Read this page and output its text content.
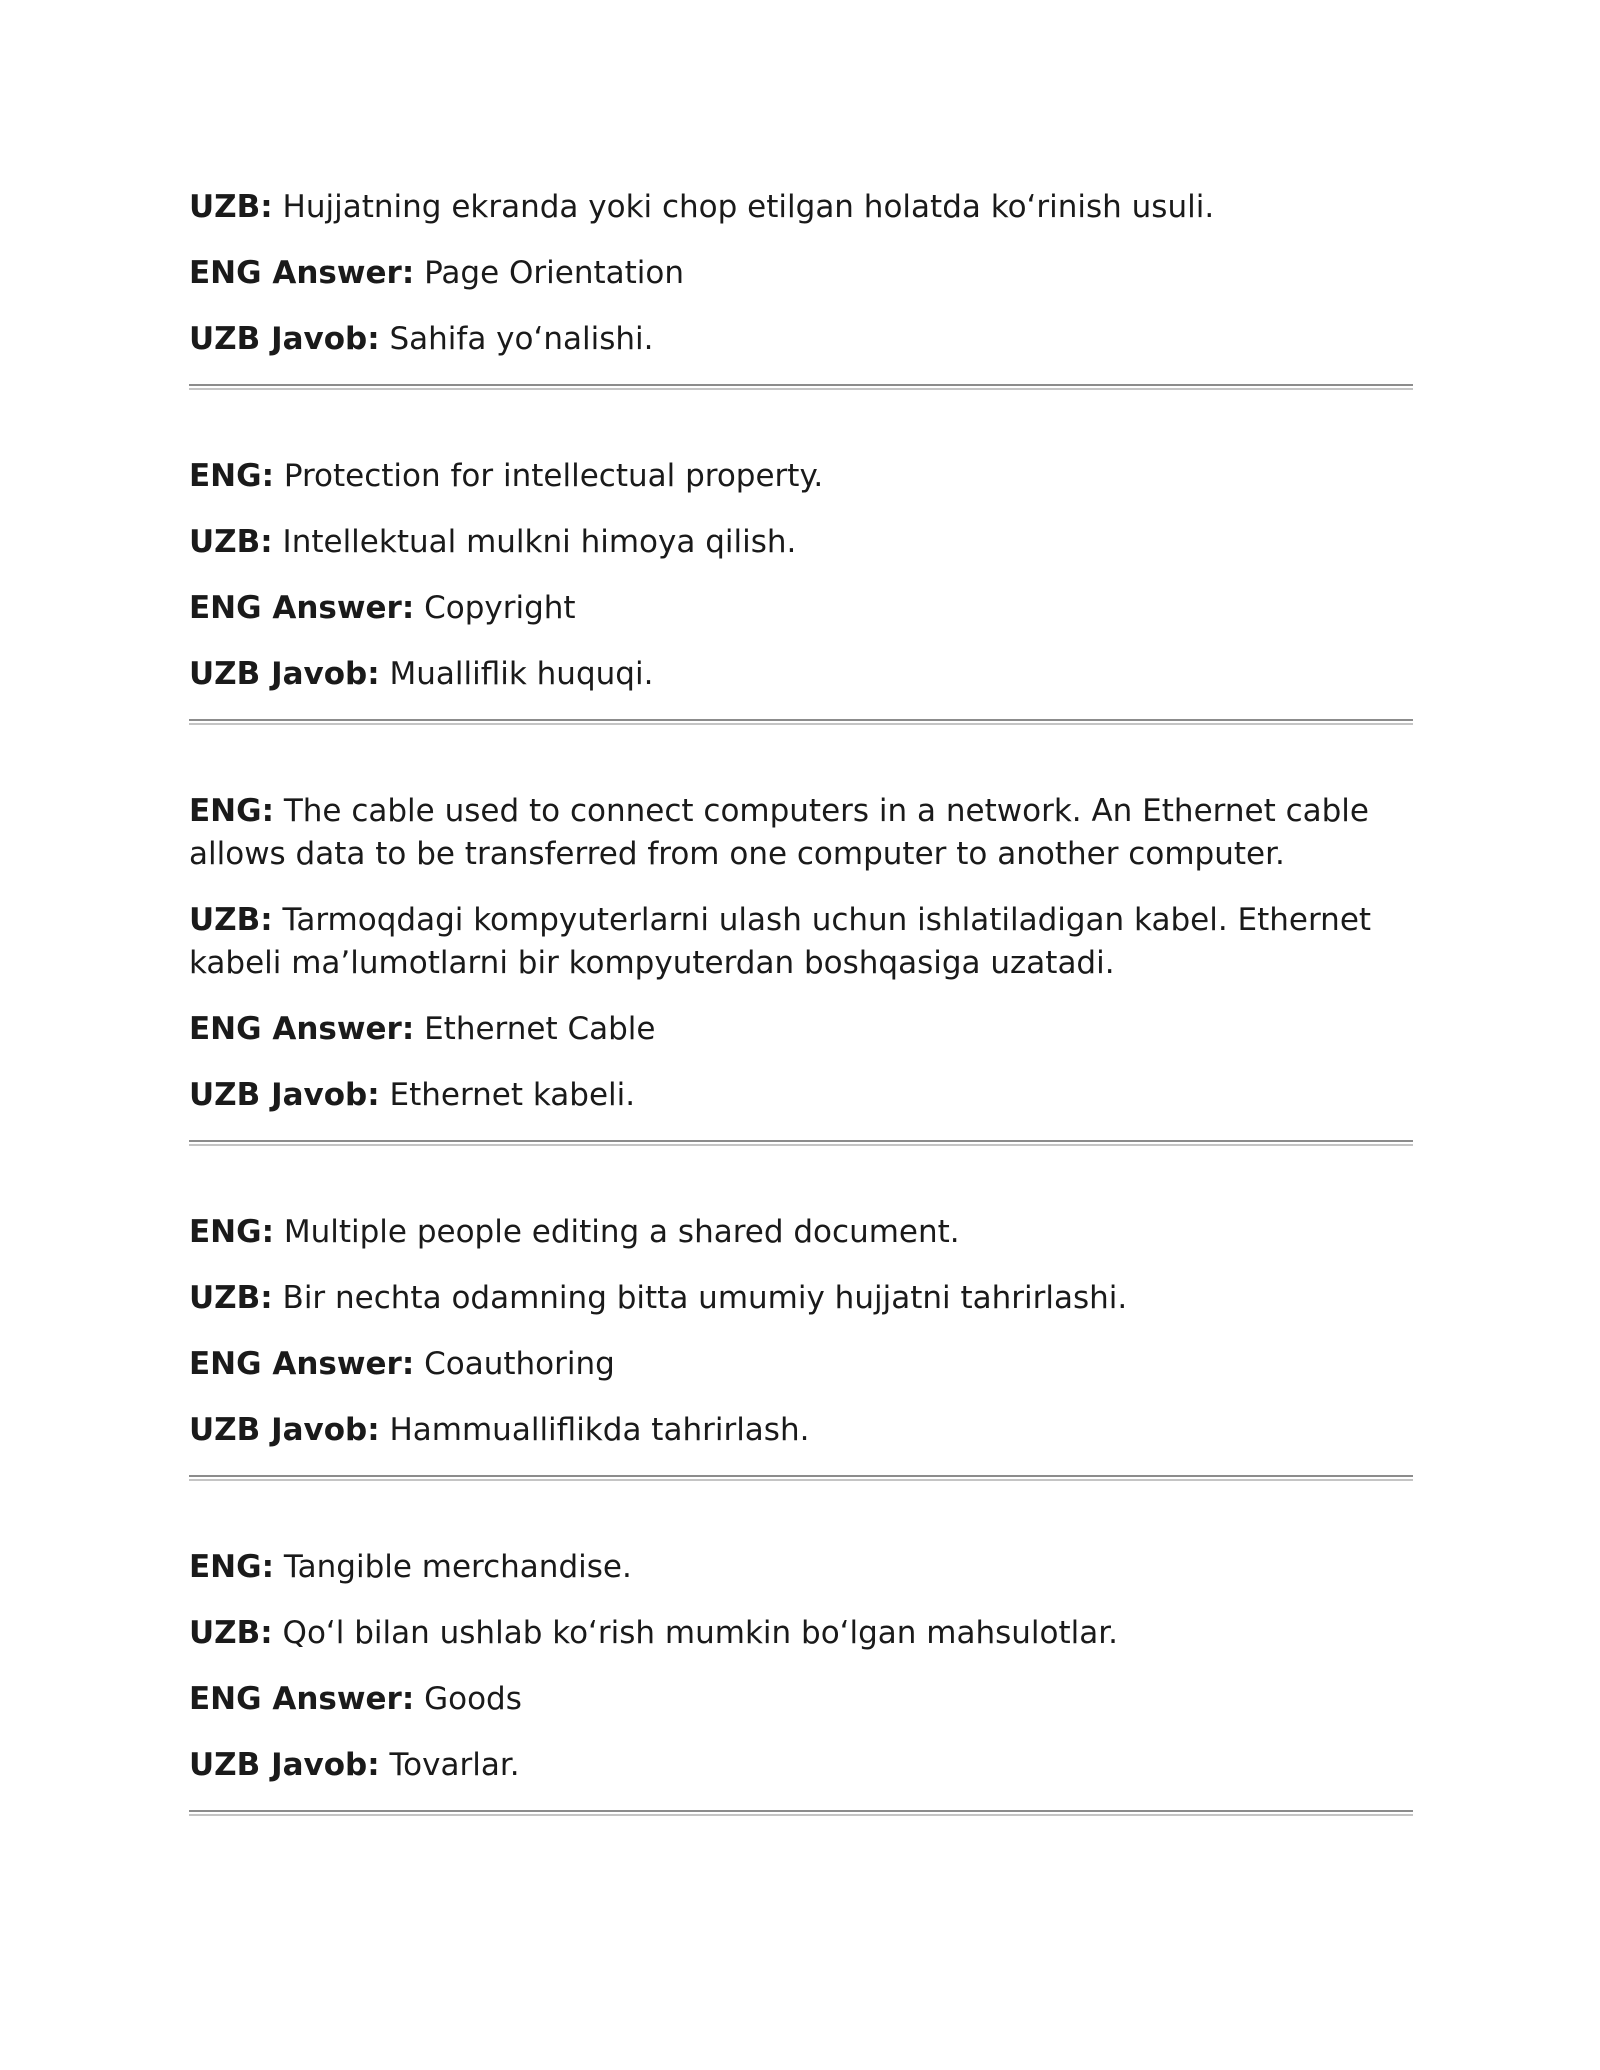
UZB: Hujjatning ekranda yoki chop etilgan holatda koʻrinish usuli.

ENG Answer: Page Orientation

UZB Javob: Sahifa yoʻnalishi.

ENG: Protection for intellectual property.

UZB: Intellektual mulkni himoya qilish.

ENG Answer: Copyright

UZB Javob: Mualliflik huquqi.

ENG: The cable used to connect computers in a network. An Ethernet cable allows data to be transferred from one computer to another computer.

UZB: Tarmoqdagi kompyuterlarni ulash uchun ishlatiladigan kabel. Ethernet kabeli maʼlumotlarni bir kompyuterdan boshqasiga uzatadi.

ENG Answer: Ethernet Cable

UZB Javob: Ethernet kabeli.

ENG: Multiple people editing a shared document.

UZB: Bir nechta odamning bitta umumiy hujjatni tahrirlashi.

ENG Answer: Coauthoring

UZB Javob: Hammualliflikda tahrirlash.

ENG: Tangible merchandise.

UZB: Qoʻl bilan ushlab koʻrish mumkin boʻlgan mahsulotlar.

ENG Answer: Goods

UZB Javob: Tovarlar.
